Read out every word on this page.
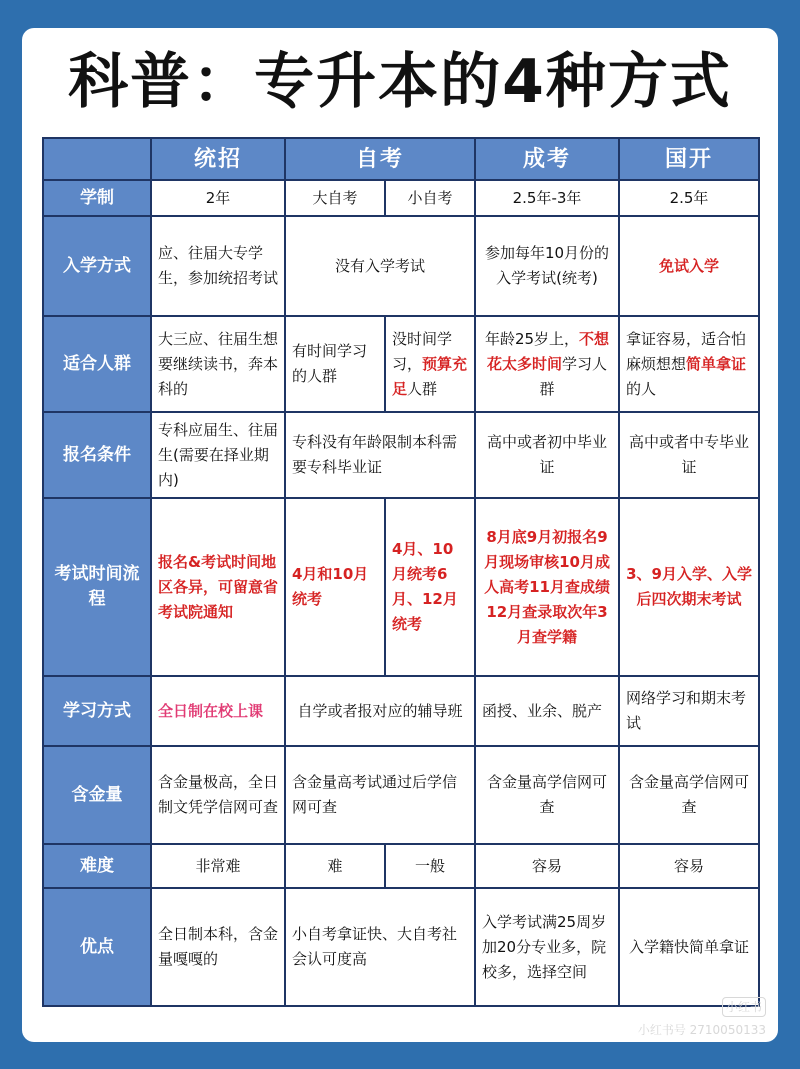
科普：专升本的4种方式
	统招	自考		成考	国开
学制	2年	大自考	小自考	2.5年-3年	2.5年
入学方式	应、往届大专学生，参加统招考试	没有入学考试		参加每年10月份的入学考试(统考)	免试入学
适合人群	大三应、往届生想要继续读书，奔本科的	有时间学习的人群	没时间学习，预算充足人群	年龄25岁上，不想花太多时间学习人群	拿证容易，适合怕麻烦想想简单拿证的人
报名条件	专科应届生、往届生(需要在择业期内)	专科没有年龄限制本科需要专科毕业证		高中或者初中毕业证	高中或者中专毕业证
考试时间流程	报名&考试时间地区各异，可留意省考试院通知	4月和10月统考	4月、10月统考6月、12月统考	8月底9月初报名9月现场审核10月成人高考11月查成绩12月查录取次年3月查学籍	3、9月入学、入学后四次期末考试
学习方式	全日制在校上课	自学或者报对应的辅导班		函授、业余、脱产	网络学习和期末考试
含金量	含金量极高，全日制文凭学信网可查	含金量高考试通过后学信网可查		含金量高学信网可查	含金量高学信网可查
难度	非常难	难	一般	容易	容易
优点	全日制本科，含金量嘎嘎的	小自考拿证快、大自考社会认可度高		入学考试满25周岁加20分专业多，院校多，选择空间	入学籍快简单拿证
小红书
小红书号 2710050133
